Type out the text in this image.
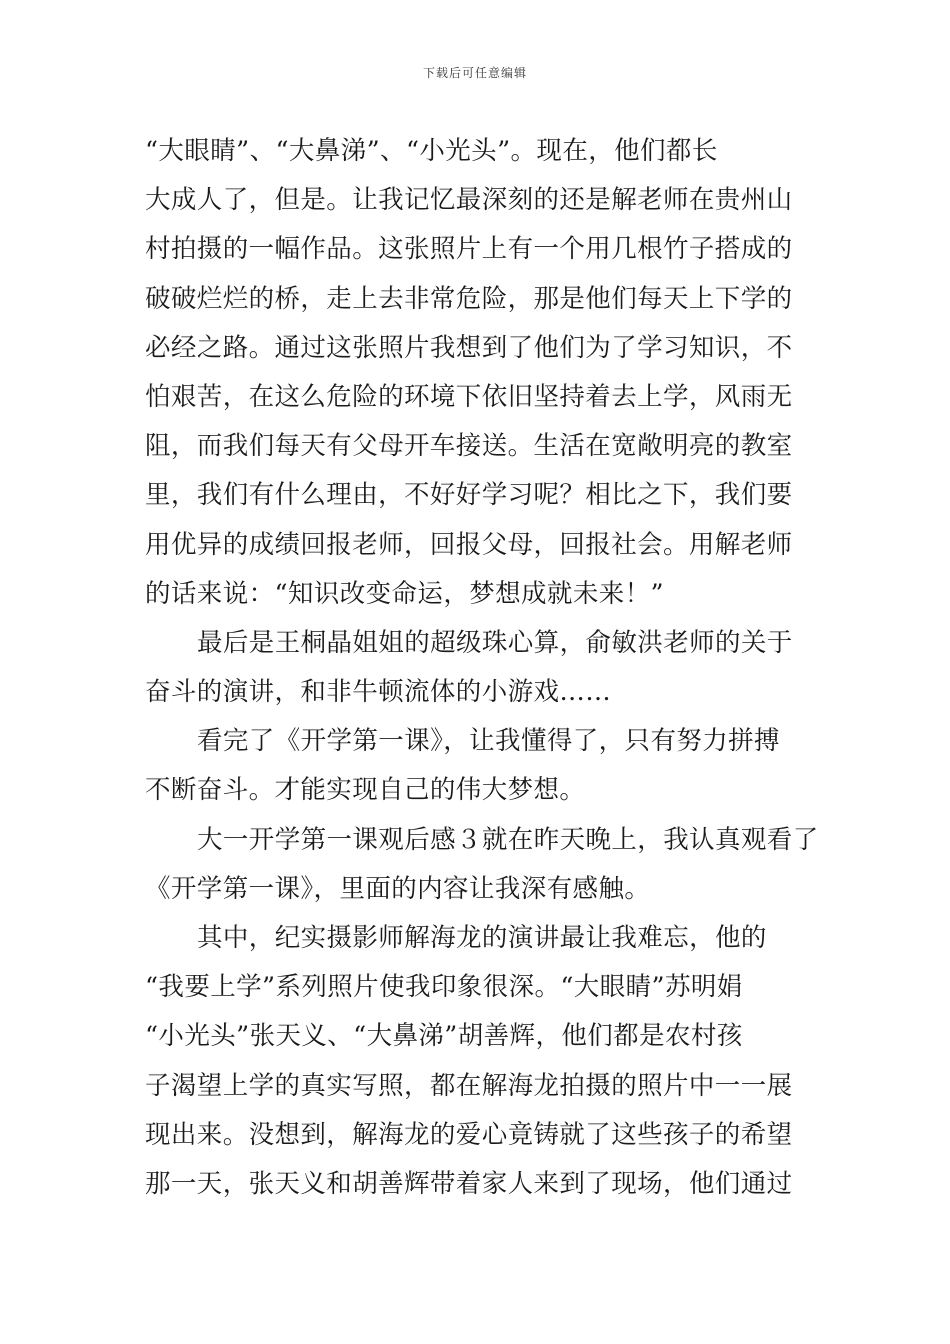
下载后可任意编辑
“大眼睛”、“大鼻涕”、“小光头”。现在，他们都长
大成人了，但是。让我记忆最深刻的还是解老师在贵州山
村拍摄的一幅作品。这张照片上有一个用几根竹子搭成的
破破烂烂的桥，走上去非常危险，那是他们每天上下学的
必经之路。通过这张照片我想到了他们为了学习知识，不
怕艰苦，在这么危险的环境下依旧坚持着去上学，风雨无
阻，而我们每天有父母开车接送。生活在宽敞明亮的教室
里，我们有什么理由，不好好学习呢？相比之下，我们要
用优异的成绩回报老师，回报父母，回报社会。用解老师
的话来说：“知识改变命运，梦想成就未来！”
最后是王桐晶姐姐的超级珠心算，俞敏洪老师的关于
奋斗的演讲，和非牛顿流体的小游戏……
看完了《开学第一课》，让我懂得了，只有努力拼搏
不断奋斗。才能实现自己的伟大梦想。
大一开学第一课观后感３就在昨天晚上，我认真观看了
《开学第一课》，里面的内容让我深有感触。
其中，纪实摄影师解海龙的演讲最让我难忘，他的
“我要上学”系列照片使我印象很深。“大眼睛”苏明娟
“小光头”张天义、“大鼻涕”胡善辉，他们都是农村孩
子渴望上学的真实写照，都在解海龙拍摄的照片中一一展
现出来。没想到，解海龙的爱心竟铸就了这些孩子的希望
那一天，张天义和胡善辉带着家人来到了现场，他们通过
